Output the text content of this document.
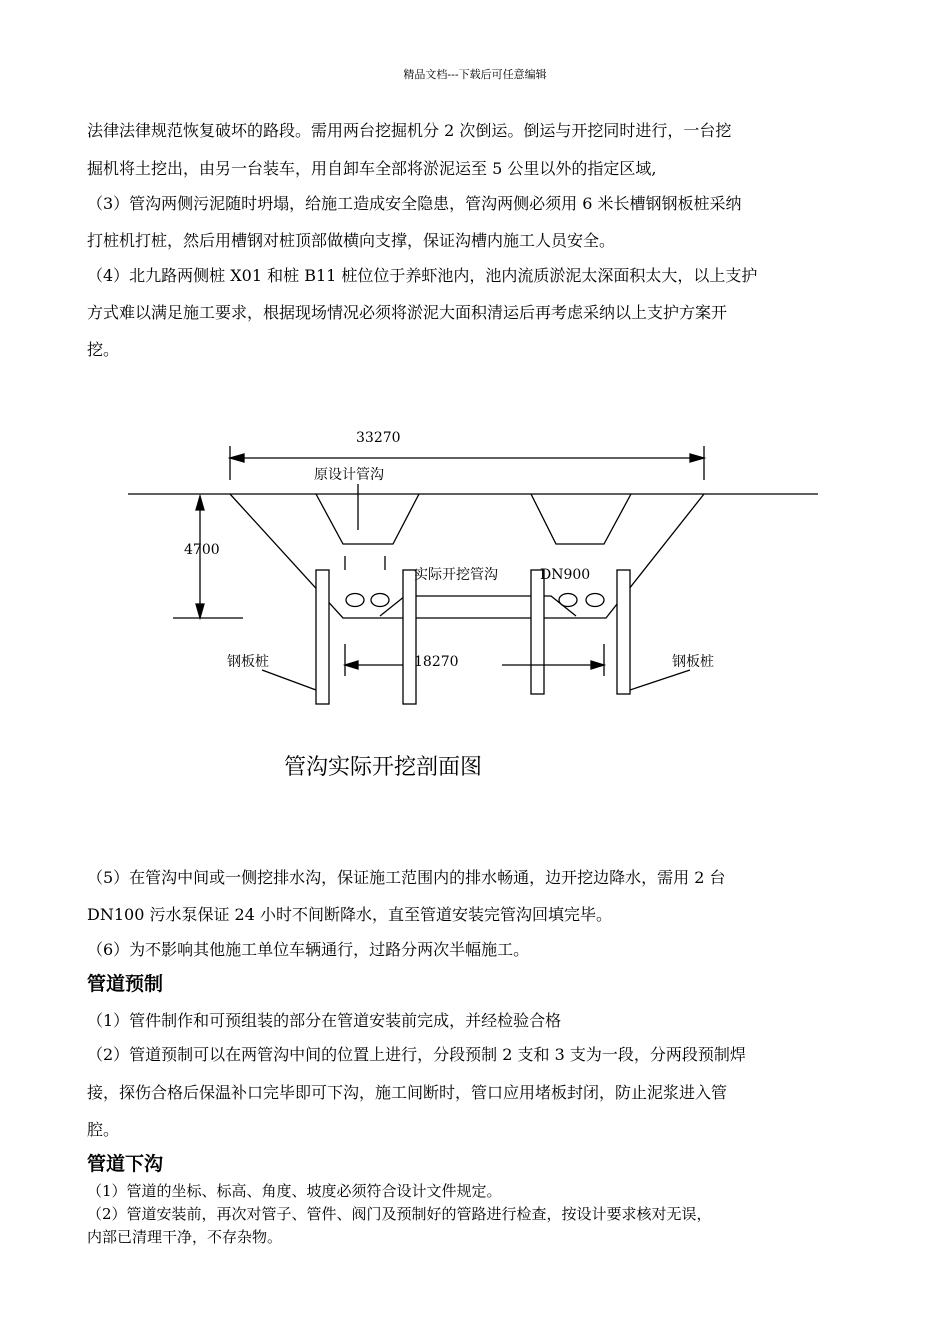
精品文档---下载后可任意编辑
法律法律规范恢复破坏的路段。需用两台挖掘机分 2 次倒运。倒运与开挖同时进行，一台挖
掘机将土挖出，由另一台装车，用自卸车全部将淤泥运至 5 公里以外的指定区域,
（3）管沟两侧污泥随时坍塌，给施工造成安全隐患，管沟两侧必须用 6 米长槽钢钢板桩采纳
打桩机打桩，然后用槽钢对桩顶部做横向支撑，保证沟槽内施工人员安全。
（4）北九路两侧桩 X01 和桩 B11 桩位位于养虾池内，池内流质淤泥太深面积太大，以上支护
方式难以满足施工要求，根据现场情况必须将淤泥大面积清运后再考虑采纳以上支护方案开
挖。
33270
原设计管沟
4700
实际开挖管沟	DN900
钢板桩	18270	钢板桩
管沟实际开挖剖面图
（5）在管沟中间或一侧挖排水沟，保证施工范围内的排水畅通，边开挖边降水，需用 2 台
DN100 污水泵保证 24 小时不间断降水，直至管道安装完管沟回填完毕。
（6）为不影响其他施工单位车辆通行，过路分两次半幅施工。
管道预制
（1）管件制作和可预组装的部分在管道安装前完成，并经检验合格
（2）管道预制可以在两管沟中间的位置上进行，分段预制 2 支和 3 支为一段，分两段预制焊
接，探伤合格后保温补口完毕即可下沟，施工间断时，管口应用堵板封闭，防止泥浆进入管
腔。
管道下沟
（1）管道的坐标、标高、角度、坡度必须符合设计文件规定。
（2）管道安装前，再次对管子、管件、阀门及预制好的管路进行检查，按设计要求核对无误，
内部已清理干净，不存杂物。
